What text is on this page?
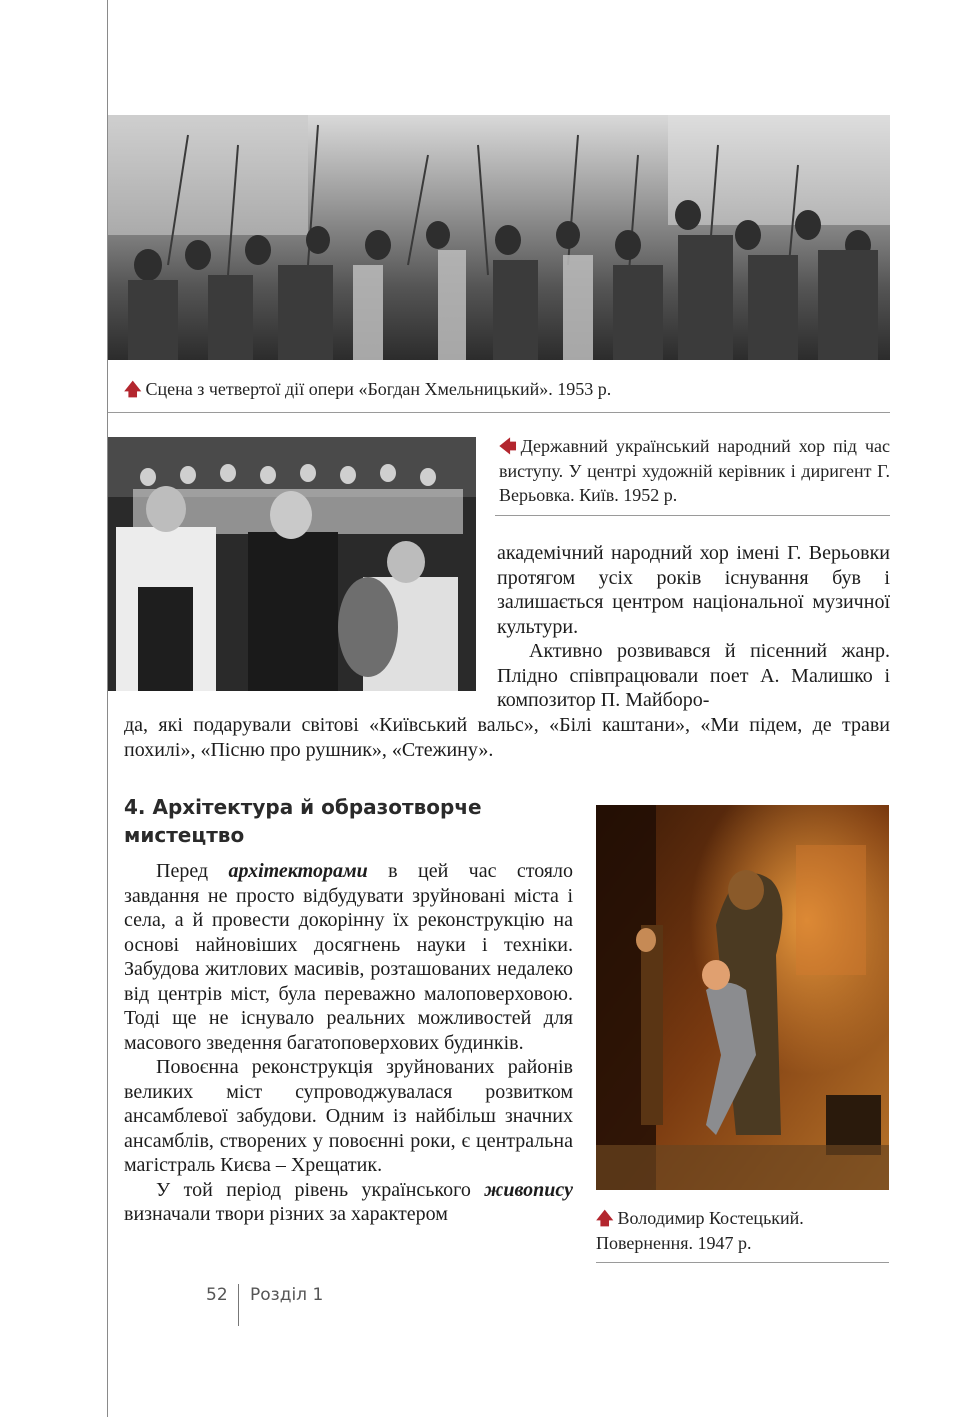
🡅 Сцена з четвертої дії опери «Богдан Хмельницький». 1953 р.
🡄 Державний український народний хор під час виступу. У центрі художній керівник і диригент Г. Верьовка. Київ. 1952 р.

академічний народний хор імені Г. Верьовки протягом усіх років існування був і залишається центром національної музичної культури.

Активно розвивався й пісенний жанр. Плідно співпрацювали поет А. Малишко і композитор П. Майборо-

да, які подарували світові «Київський вальс», «Білі каштани», «Ми підем, де трави похилі», «Пісню про рушник», «Стежину».

4. Архітектура й образотворче
мистецтво

Перед архітекторами в цей час стояло завдання не просто відбудувати зруйновані міста і села, а й провести докорінну їх реконструкцію на основі найновіших досягнень науки і техніки. Забудова житлових масивів, розташованих недалеко від центрів міст, була переважно малоповерховою. Тоді ще не існувало реальних можливостей для масового зведення багатоповерхових будинків.

Повоєнна реконструкція зруйнованих районів великих міст супроводжувалася розвитком ансамблевої забудови. Одним із найбільш значних ансамблів, створених у повоєнні роки, є центральна магістраль Києва – Хрещатик.

У той період рівень українського живопису визначали твори різних за характером	🡅 Володимир Костецький.
Повернення. 1947 р.
52 Розділ 1
